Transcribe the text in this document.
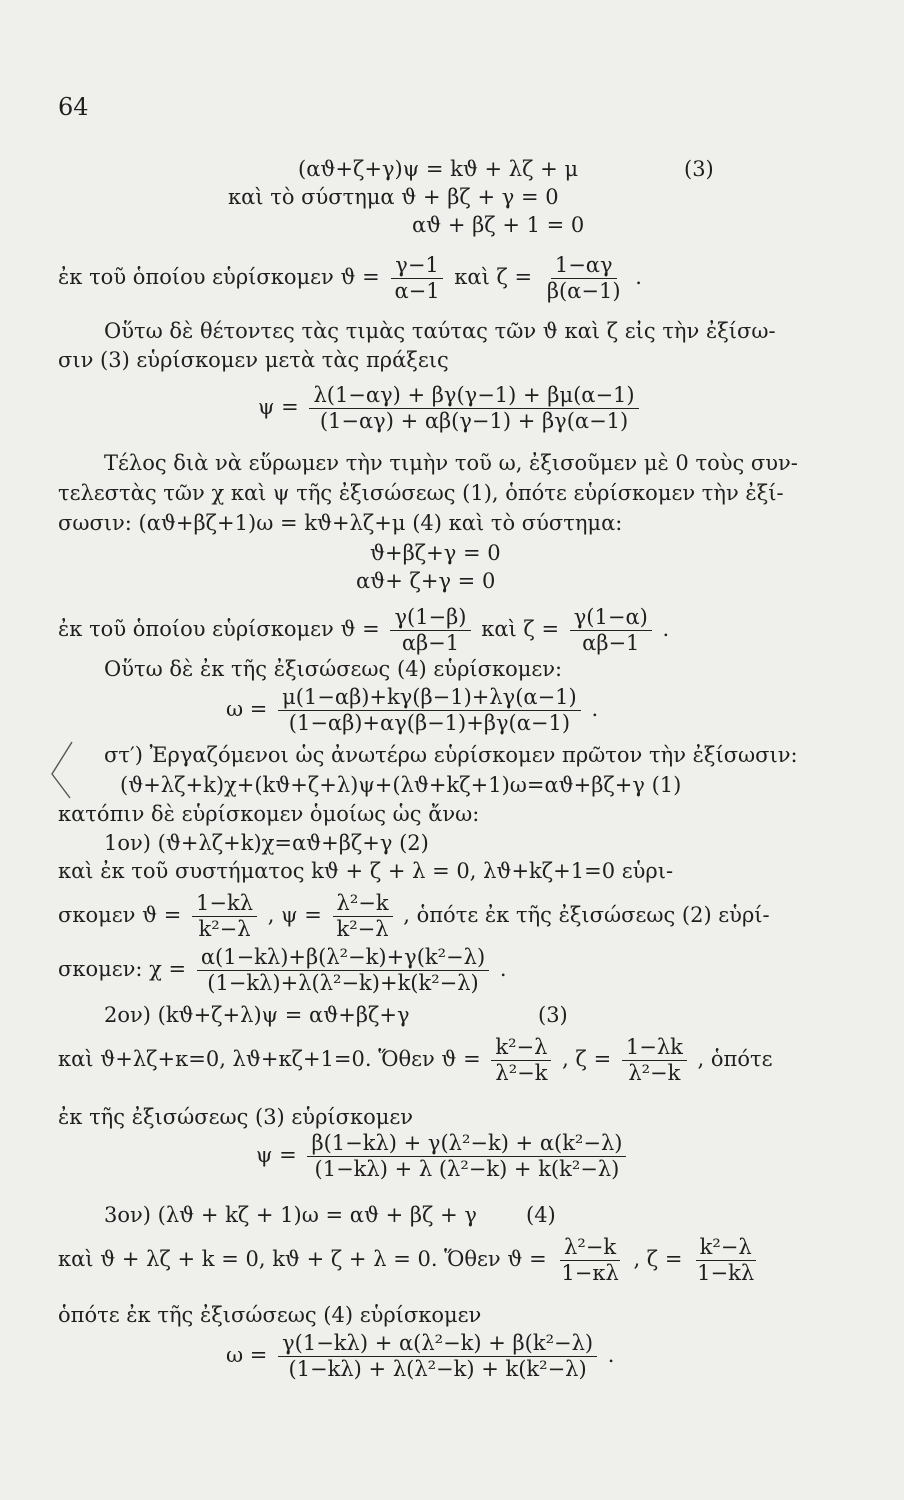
64
(αϑ+ζ+γ)ψ = kϑ + λζ + μ	(3)
καὶ τὸ σύστημα ϑ + βζ + γ = 0
αϑ + βζ + 1 = 0
ἐκ τοῦ ὁποίου εὑρίσκομεν $ϑ = \frac{\gamma-1}{\alpha-1}$ καὶ $\zeta = \frac{1-\alpha\gamma}{\beta(\alpha-1)}$ .
Οὕτω δὲ θέτοντες τὰς τιμὰς ταύτας τῶν ϑ καὶ ζ εἰς τὴν ἐξίσω-
σιν (3) εὑρίσκομεν μετὰ τὰς πράξεις
$\psi = \frac{\lambda(1-\alpha\gamma) + \beta\gamma(\gamma-1) + \beta\mu(\alpha-1)}{(1-\alpha\gamma) + \alpha\beta(\gamma-1) + \beta\gamma(\alpha-1)}$
Τέλος διὰ νὰ εὕρωμεν τὴν τιμὴν τοῦ ω, ἐξισοῦμεν μὲ 0 τοὺς συν-
τελεστὰς τῶν χ καὶ ψ τῆς ἐξισώσεως (1), ὁπότε εὑρίσκομεν τὴν ἐξί-
σωσιν: (αϑ+βζ+1)ω = kϑ+λζ+μ (4) καὶ τὸ σύστημα:
ϑ+βζ+γ = 0
αϑ+ ζ+γ = 0
ἐκ τοῦ ὁποίου εὑρίσκομεν $ϑ = \frac{\gamma(1-\beta)}{\alpha\beta-1}$ καὶ $\zeta = \frac{\gamma(1-\alpha)}{\alpha\beta-1}$ .
Οὕτω δὲ ἐκ τῆς ἐξισώσεως (4) εὑρίσκομεν:
$\omega = \frac{\mu(1-\alpha\beta)+k\gamma(\beta-1)+\lambda\gamma(\alpha-1)}{(1-\alpha\beta)+\alpha\gamma(\beta-1)+\beta\gamma(\alpha-1)}$ .
στ′) Ἐργαζόμενοι ὡς ἀνωτέρω εὑρίσκομεν πρῶτον τὴν ἐξίσωσιν:
(ϑ+λζ+k)χ+(kϑ+ζ+λ)ψ+(λϑ+kζ+1)ω=αϑ+βζ+γ (1)
κατόπιν δὲ εὑρίσκομεν ὁμοίως ὡς ἄνω:
1ον) (ϑ+λζ+k)χ=αϑ+βζ+γ (2)
καὶ ἐκ τοῦ συστήματος kϑ + ζ + λ = 0, λϑ+kζ+1=0 εὑρι-
σκομεν $ϑ = \frac{1-k\lambda}{\text{k²−λ}}$ , $\psi = \frac{\text{λ²−k}}{\text{k²−λ}}$ , ὁπότε ἐκ τῆς ἐξισώσεως (2) εὑρί-
σκομεν: $\chi = \frac{\text{α(1−kλ)+β(λ²−k)+γ(k²−λ)}}{\text{(1−kλ)+λ(λ²−k)+k(k²−λ)}}$ .
2ον) (kϑ+ζ+λ)ψ = αϑ+βζ+γ	(3)
καὶ ϑ+λζ+κ=0, λϑ+κζ+1=0. Ὅθεν $ϑ = \frac{\text{k²−λ}}{\text{λ²−k}}$ , $\zeta = \frac{1-\lambda k}{\text{λ²−k}}$ , ὁπότε
ἐκ τῆς ἐξισώσεως (3) εὑρίσκομεν
$\psi = \frac{\text{β(1−kλ) + γ(λ²−k) + α(k²−λ)}}{\text{(1−kλ) + λ (λ²−k) + k(k²−λ)}}$
3ον) (λϑ + kζ + 1)ω = αϑ + βζ + γ (4)
καὶ ϑ + λζ + k = 0, kϑ + ζ + λ = 0. Ὅθεν $ϑ = \frac{\text{λ²−k}}{1-\kappa\lambda}$ , $\zeta = \frac{\text{k²−λ}}{1-k\lambda}$
ὁπότε ἐκ τῆς ἐξισώσεως (4) εὑρίσκομεν
$\omega = \frac{\text{γ(1−kλ) + α(λ²−k) + β(k²−λ)}}{\text{(1−kλ) + λ(λ²−k) + k(k²−λ)}}$ .
